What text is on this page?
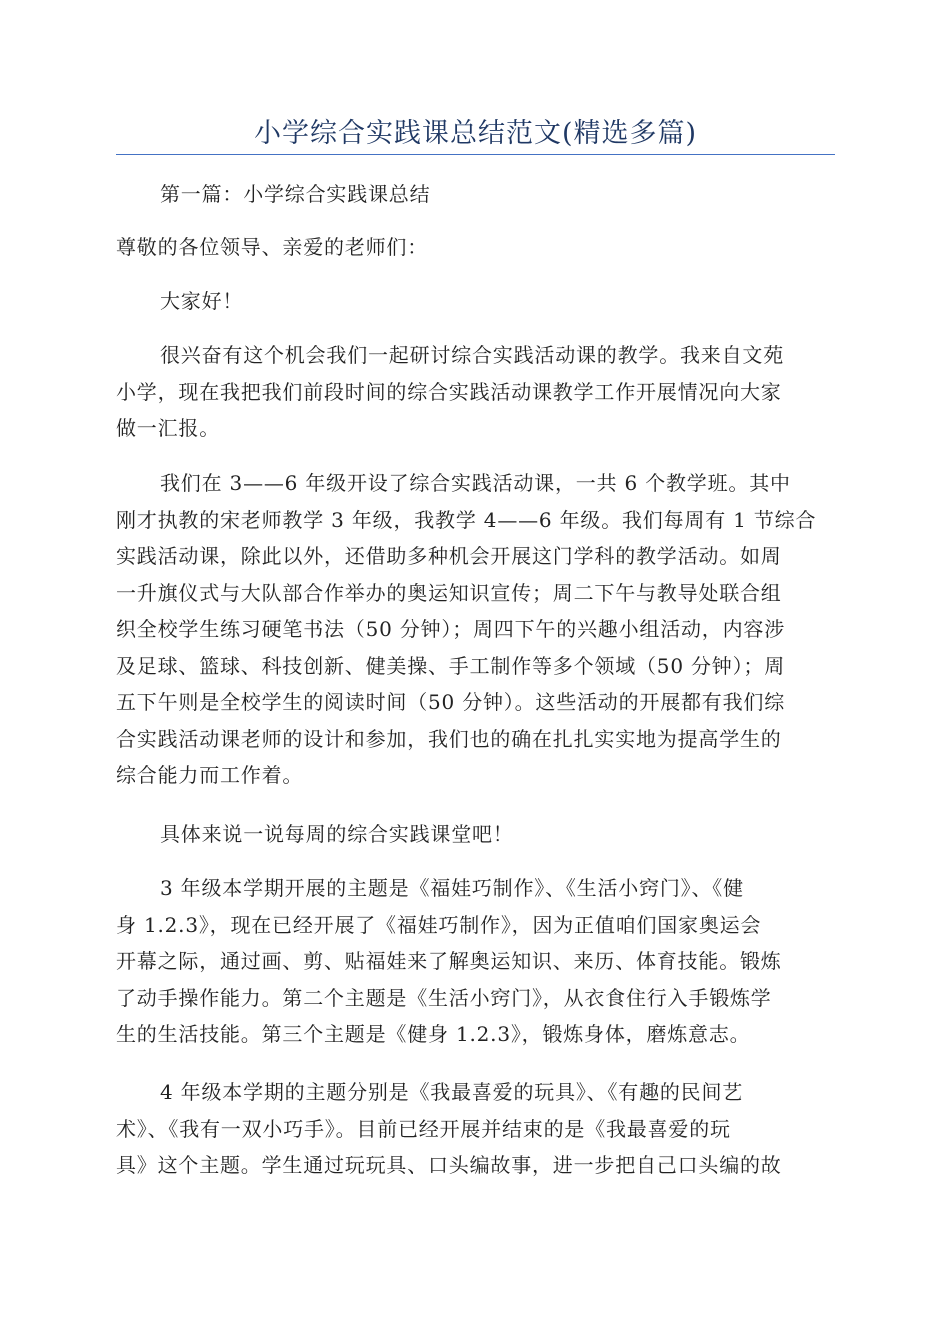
小学综合实践课总结范文(精选多篇)
第一篇：小学综合实践课总结
尊敬的各位领导、亲爱的老师们：
大家好！
很兴奋有这个机会我们一起研讨综合实践活动课的教学。我来自文苑
小学，现在我把我们前段时间的综合实践活动课教学工作开展情况向大家
做一汇报。
我们在 3——6 年级开设了综合实践活动课，一共 6 个教学班。其中
刚才执教的宋老师教学 3 年级，我教学 4——6 年级。我们每周有 1 节综合
实践活动课，除此以外，还借助多种机会开展这门学科的教学活动。如周
一升旗仪式与大队部合作举办的奥运知识宣传；周二下午与教导处联合组
织全校学生练习硬笔书法（50 分钟）；周四下午的兴趣小组活动，内容涉
及足球、篮球、科技创新、健美操、手工制作等多个领域（50 分钟）；周
五下午则是全校学生的阅读时间（50 分钟）。这些活动的开展都有我们综
合实践活动课老师的设计和参加，我们也的确在扎扎实实地为提高学生的
综合能力而工作着。
具体来说一说每周的综合实践课堂吧！
3 年级本学期开展的主题是《福娃巧制作》、《生活小窍门》、《健
身 1.2.3》，现在已经开展了《福娃巧制作》，因为正值咱们国家奥运会
开幕之际，通过画、剪、贴福娃来了解奥运知识、来历、体育技能。锻炼
了动手操作能力。第二个主题是《生活小窍门》，从衣食住行入手锻炼学
生的生活技能。第三个主题是《健身 1.2.3》，锻炼身体，磨炼意志。
4 年级本学期的主题分别是《我最喜爱的玩具》、《有趣的民间艺
术》、《我有一双小巧手》。目前已经开展并结束的是《我最喜爱的玩
具》这个主题。学生通过玩玩具、口头编故事，进一步把自己口头编的故
